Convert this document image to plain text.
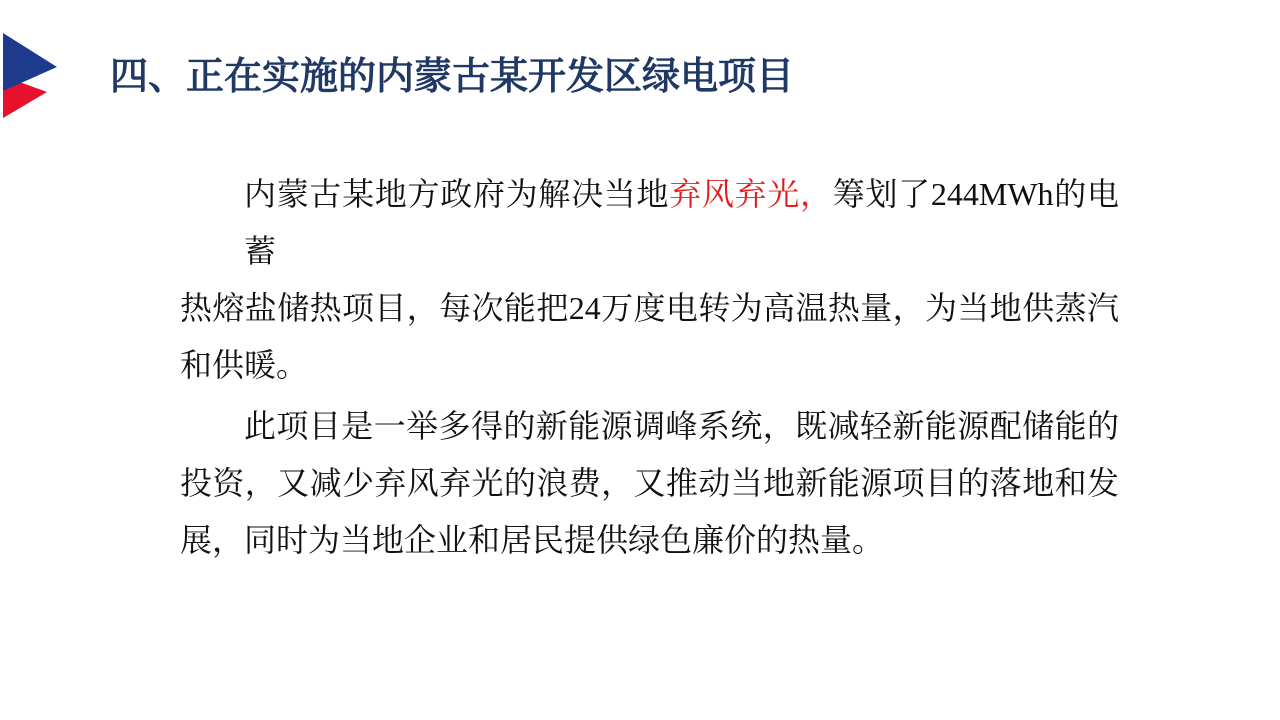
四、正在实施的内蒙古某开发区绿电项目

内蒙古某地方政府为解决当地弃风弃光，筹划了244MWh的电蓄
热熔盐储热项目，每次能把24万度电转为高温热量，为当地供蒸汽
和供暖。

此项目是一举多得的新能源调峰系统，既减轻新能源配储能的
投资，又减少弃风弃光的浪费，又推动当地新能源项目的落地和发
展，同时为当地企业和居民提供绿色廉价的热量。
